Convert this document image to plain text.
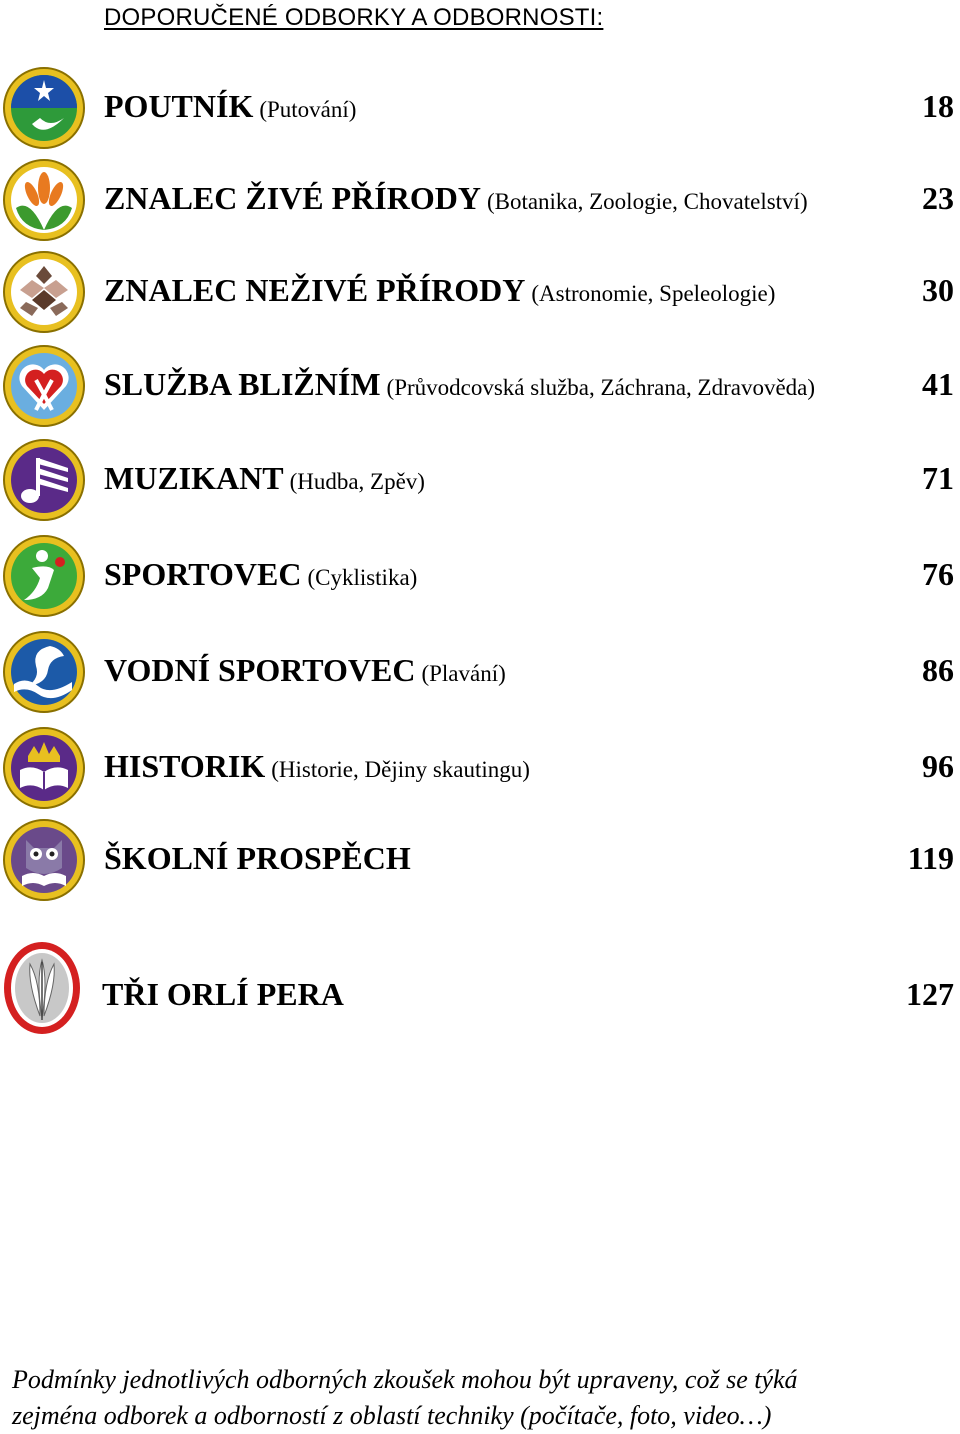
DOPORUČENÉ ODBORKY A ODBORNOSTI:
POUTNÍK (Putování)	18
ZNALEC ŽIVÉ PŘÍRODY (Botanika, Zoologie, Chovatelství)	23
ZNALEC NEŽIVÉ PŘÍRODY (Astronomie, Speleologie)	30
SLUŽBA BLIŽNÍM (Průvodcovská služba, Záchrana, Zdravověda)	41
MUZIKANT (Hudba, Zpěv)	71
SPORTOVEC (Cyklistika)	76
VODNÍ SPORTOVEC (Plavání)	86
HISTORIK (Historie, Dějiny skautingu)	96
ŠKOLNÍ PROSPĚCH	119
TŘI ORLÍ PERA	127
Podmínky jednotlivých odborných zkoušek mohou být upraveny, což se týká
zejména odborek a odborností z oblastí techniky (počítače, foto, video…)
